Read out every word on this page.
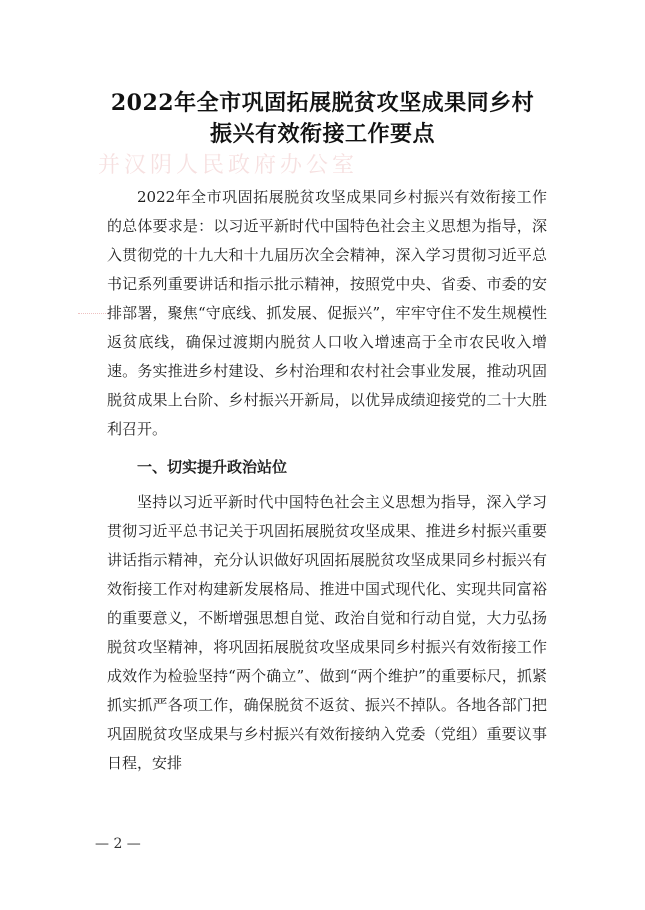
2022年全市巩固拓展脱贫攻坚成果同乡村
振兴有效衔接工作要点
并汉阴人民政府办公室
2022年全市巩固拓展脱贫攻坚成果同乡村振兴有效衔接工作的总体要求是：以习近平新时代中国特色社会主义思想为指导，深入贯彻党的十九大和十九届历次全会精神，深入学习贯彻习近平总书记系列重要讲话和指示批示精神，按照党中央、省委、市委的安排部署，聚焦“守底线、抓发展、促振兴”，牢牢守住不发生规模性返贫底线，确保过渡期内脱贫人口收入增速高于全市农民收入增速。务实推进乡村建设、乡村治理和农村社会事业发展，推动巩固脱贫成果上台阶、乡村振兴开新局，以优异成绩迎接党的二十大胜利召开。
一、切实提升政治站位
坚持以习近平新时代中国特色社会主义思想为指导，深入学习贯彻习近平总书记关于巩固拓展脱贫攻坚成果、推进乡村振兴重要讲话指示精神，充分认识做好巩固拓展脱贫攻坚成果同乡村振兴有效衔接工作对构建新发展格局、推进中国式现代化、实现共同富裕的重要意义，不断增强思想自觉、政治自觉和行动自觉，大力弘扬脱贫攻坚精神，将巩固拓展脱贫攻坚成果同乡村振兴有效衔接工作成效作为检验坚持“两个确立”、做到“两个维护”的重要标尺，抓紧抓实抓严各项工作，确保脱贫不返贫、振兴不掉队。各地各部门把巩固脱贫攻坚成果与乡村振兴有效衔接纳入党委（党组）重要议事日程，安排
— 2 —
